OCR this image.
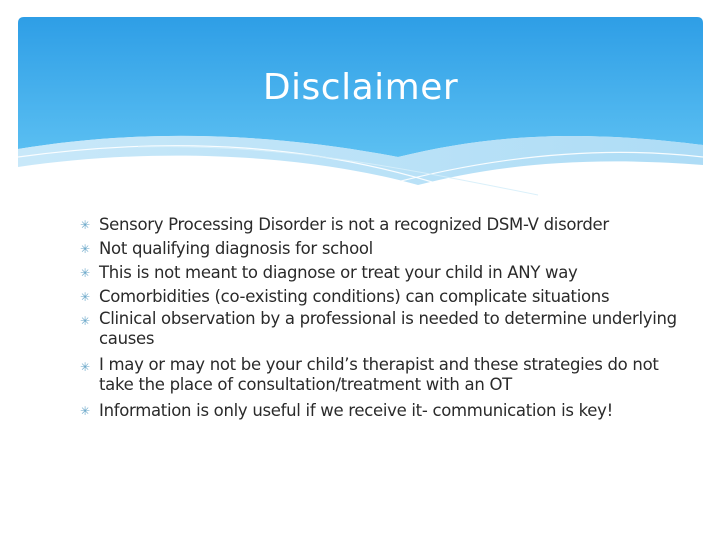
Disclaimer
✳ Sensory Processing Disorder is not a recognized DSM-V disorder
✳ Not qualifying diagnosis for school
✳ This is not meant to diagnose or treat your child in ANY way
✳ Comorbidities (co-existing conditions) can complicate situations
✳ Clinical observation by a professional is needed to determine underlying causes
✳ I may or may not be your child’s therapist and these strategies do not take the place of consultation/treatment with an OT
✳ Information is only useful if we receive it- communication is key!
